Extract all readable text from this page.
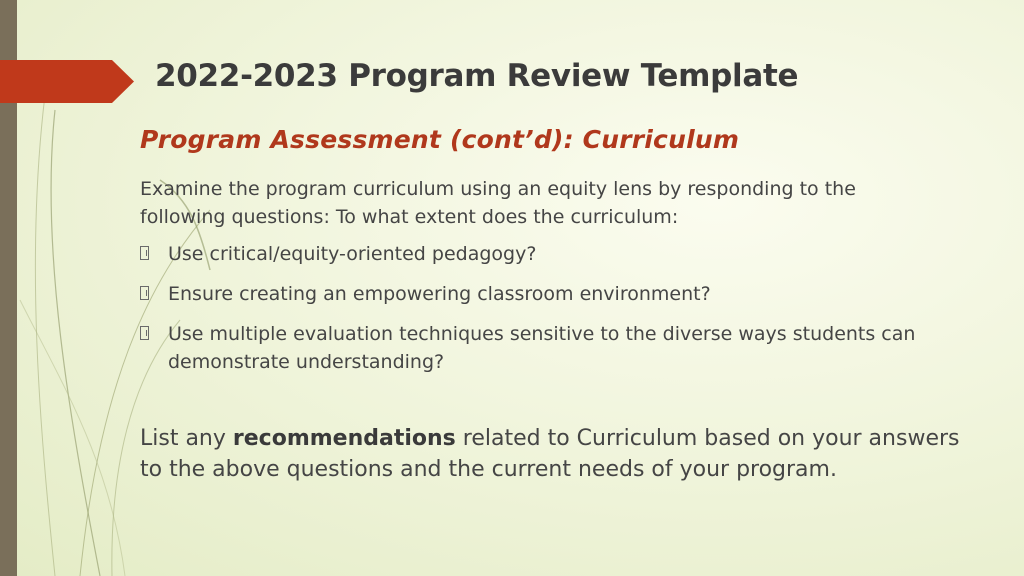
2022-2023 Program Review Template
Program Assessment (cont’d): Curriculum

Examine the program curriculum using an equity lens by responding to the following questions: To what extent does the curriculum:

Use critical/equity-oriented pedagogy?
Ensure creating an empowering classroom environment?
Use multiple evaluation techniques sensitive to the diverse ways students can demonstrate understanding?

List any recommendations related to Curriculum based on your answers to the above questions and the current needs of your program.
